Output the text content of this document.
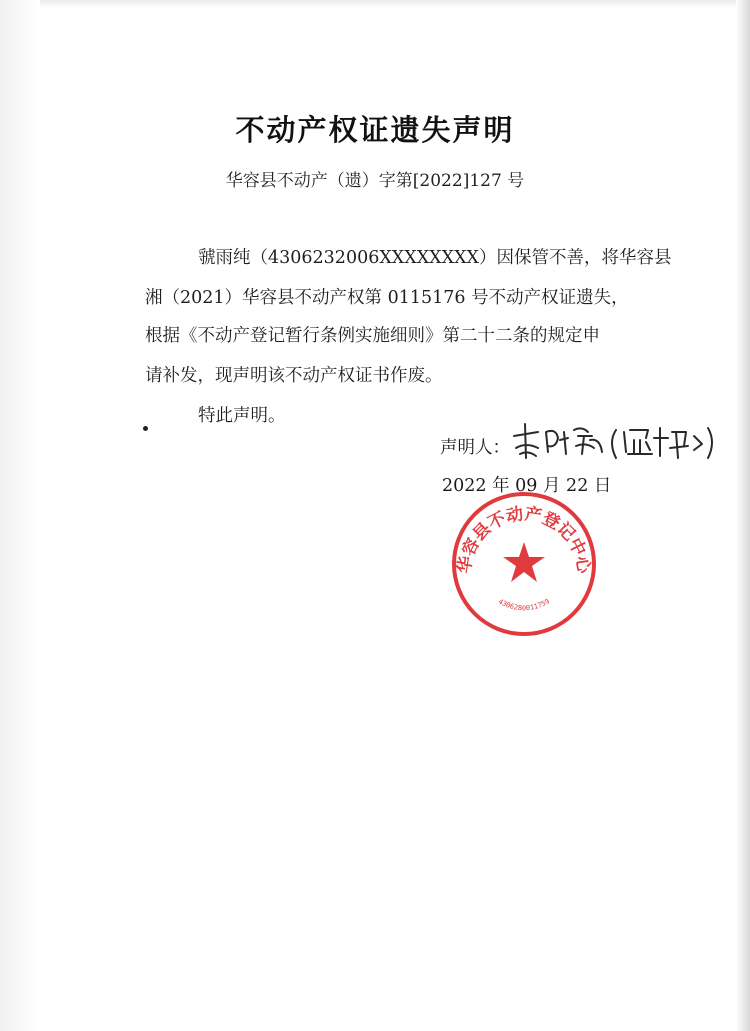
不动产权证遗失声明
华容县不动产（遗）字第[2022]127 号
虢雨纯（4306232006XXXXXXXX）因保管不善，将华容县
湘（2021）华容县不动产权第 0115176 号不动产权证遗失，
根据《不动产登记暂行条例实施细则》第二十二条的规定申
请补发，现声明该不动产权证书作废。
特此声明。
声明人：
2022 年 09 月 22 日
华容县不动产登记中心
4306280011759
